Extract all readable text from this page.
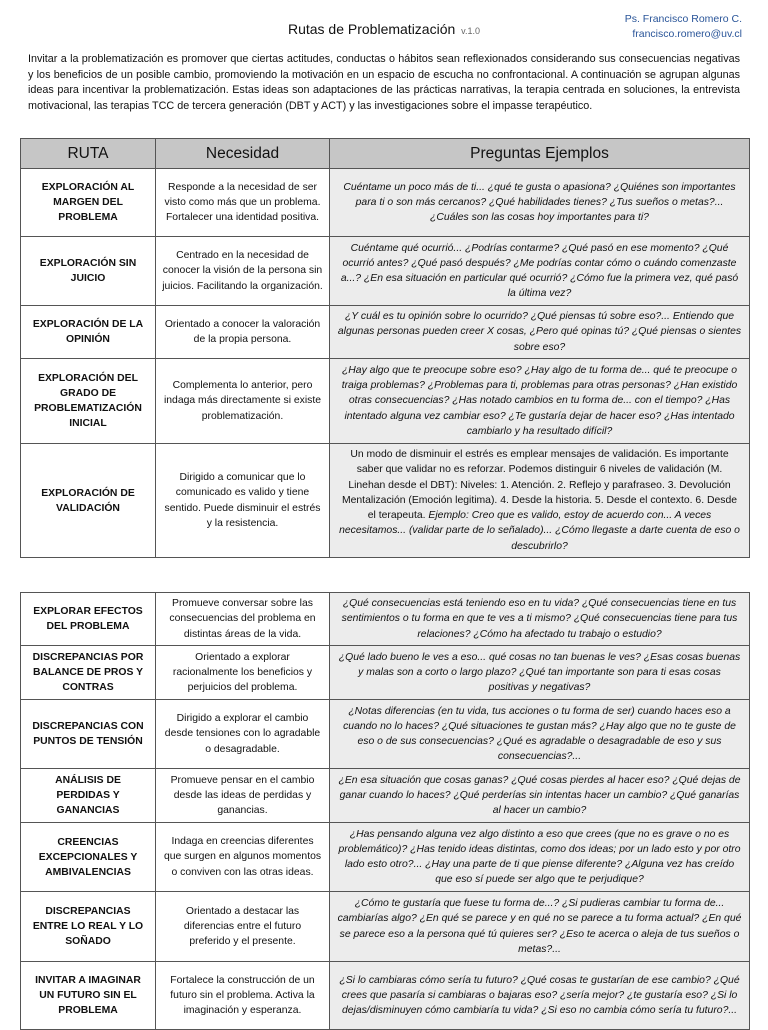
Rutas de Problematización v.1.0
Ps. Francisco Romero C.
francisco.romero@uv.cl
Invitar a la problematización es promover que ciertas actitudes, conductas o hábitos sean reflexionados considerando sus consecuencias negativas y los beneficios de un posible cambio, promoviendo la motivación en un espacio de escucha no confrontacional. A continuación se agrupan algunas ideas para incentivar la problematización. Estas ideas son adaptaciones de las prácticas narrativas, la terapia centrada en soluciones, la entrevista motivacional, las terapias TCC de tercera generación (DBT y ACT) y las investigaciones sobre el impasse terapéutico.
RUTA	Necesidad	Preguntas Ejemplos
EXPLORACIÓN AL MARGEN DEL PROBLEMA	Responde a la necesidad de ser visto como más que un problema. Fortalecer una identidad positiva.	Cuéntame un poco más de ti... ¿qué te gusta o apasiona? ¿Quiénes son importantes para ti o son más cercanos? ¿Qué habilidades tienes? ¿Tus sueños o metas?... ¿Cuáles son las cosas hoy importantes para ti?
EXPLORACIÓN SIN JUICIO	Centrado en la necesidad de conocer la visión de la persona sin juicios. Facilitando la organización.	Cuéntame qué ocurrió... ¿Podrías contarme? ¿Qué pasó en ese momento? ¿Qué ocurrió antes? ¿Qué pasó después? ¿Me podrías contar cómo o cuándo comenzaste a...? ¿En esa situación en particular qué ocurrió? ¿Cómo fue la primera vez, qué pasó la última vez?
EXPLORACIÓN DE LA OPINIÓN	Orientado a conocer la valoración de la propia persona.	¿Y cuál es tu opinión sobre lo ocurrido? ¿Qué piensas tú sobre eso?... Entiendo que algunas personas pueden creer X cosas, ¿Pero qué opinas tú? ¿Qué piensas o sientes sobre eso?
EXPLORACIÓN DEL GRADO DE PROBLEMATIZACIÓN INICIAL	Complementa lo anterior, pero indaga más directamente si existe problematización.	¿Hay algo que te preocupe sobre eso? ¿Hay algo de tu forma de... qué te preocupe o traiga problemas? ¿Problemas para ti, problemas para otras personas? ¿Han existido otras consecuencias? ¿Has notado cambios en tu forma de... con el tiempo? ¿Has intentado alguna vez cambiar eso? ¿Te gustaría dejar de hacer eso? ¿Has intentado cambiarlo y ha resultado difícil?
EXPLORACIÓN DE VALIDACIÓN	Dirigido a comunicar que lo comunicado es valido y tiene sentido. Puede disminuir el estrés y la resistencia.	Un modo de disminuir el estrés es emplear mensajes de validación. Es importante saber que validar no es reforzar. Podemos distinguir 6 niveles de validación (M. Linehan desde el DBT): Niveles: 1. Atención. 2. Reflejo y parafraseo. 3. Devolución Mentalización (Emoción legitima). 4. Desde la historia. 5. Desde el contexto. 6. Desde el terapeuta. Ejemplo: Creo que es valido, estoy de acuerdo con... A veces necesitamos... (validar parte de lo señalado)... ¿Cómo llegaste a darte cuenta de eso o descubrirlo?
EXPLORAR EFECTOS DEL PROBLEMA	Promueve conversar sobre las consecuencias del problema en distintas áreas de la vida.	¿Qué consecuencias está teniendo eso en tu vida? ¿Qué consecuencias tiene en tus sentimientos o tu forma en que te ves a ti mismo? ¿Qué consecuencias tiene para tus relaciones? ¿Cómo ha afectado tu trabajo o estudio?
DISCREPANCIAS POR BALANCE DE PROS Y CONTRAS	Orientado a explorar racionalmente los beneficios y perjuicios del problema.	¿Qué lado bueno le ves a eso... qué cosas no tan buenas le ves? ¿Esas cosas buenas y malas son a corto o largo plazo? ¿Qué tan importante son para ti esas cosas positivas y negativas?
DISCREPANCIAS CON PUNTOS DE TENSIÓN	Dirigido a explorar el cambio desde tensiones con lo agradable o desagradable.	¿Notas diferencias (en tu vida, tus acciones o tu forma de ser) cuando haces eso a cuando no lo haces? ¿Qué situaciones te gustan más? ¿Hay algo que no te guste de eso o de sus consecuencias? ¿Qué es agradable o desagradable de eso y sus consecuencias?...
ANÁLISIS DE PERDIDAS Y GANANCIAS	Promueve pensar en el cambio desde las ideas de perdidas y ganancias.	¿En esa situación que cosas ganas? ¿Qué cosas pierdes al hacer eso? ¿Qué dejas de ganar cuando lo haces? ¿Qué perderías sin intentas hacer un cambio? ¿Qué ganarías al hacer un cambio?
CREENCIAS EXCEPCIONALES Y AMBIVALENCIAS	Indaga en creencias diferentes que surgen en algunos momentos o conviven con las otras ideas.	¿Has pensando alguna vez algo distinto a eso que crees (que no es grave o no es problemático)? ¿Has tenido ideas distintas, como dos ideas; por un lado esto y por otro lado esto otro?... ¿Hay una parte de ti que piense diferente? ¿Alguna vez has creído que eso sí puede ser algo que te perjudique?
DISCREPANCIAS ENTRE LO REAL Y LO SOÑADO	Orientado a destacar las diferencias entre el futuro preferido y el presente.	¿Cómo te gustaría que fuese tu forma de...? ¿Si pudieras cambiar tu forma de... cambiarías algo? ¿En qué se parece y en qué no se parece a tu forma actual? ¿En qué se parece eso a la persona qué tú quieres ser? ¿Eso te acerca o aleja de tus sueños o metas?...
INVITAR A IMAGINAR UN FUTURO SIN EL PROBLEMA	Fortalece la construcción de un futuro sin el problema. Activa la imaginación y esperanza.	¿Si lo cambiaras cómo sería tu futuro? ¿Qué cosas te gustarían de ese cambio? ¿Qué crees que pasaría si cambiaras o bajaras eso? ¿sería mejor? ¿te gustaría eso? ¿Si lo dejas/disminuyen cómo cambiaría tu vida? ¿Si eso no cambia cómo sería tu futuro?...
